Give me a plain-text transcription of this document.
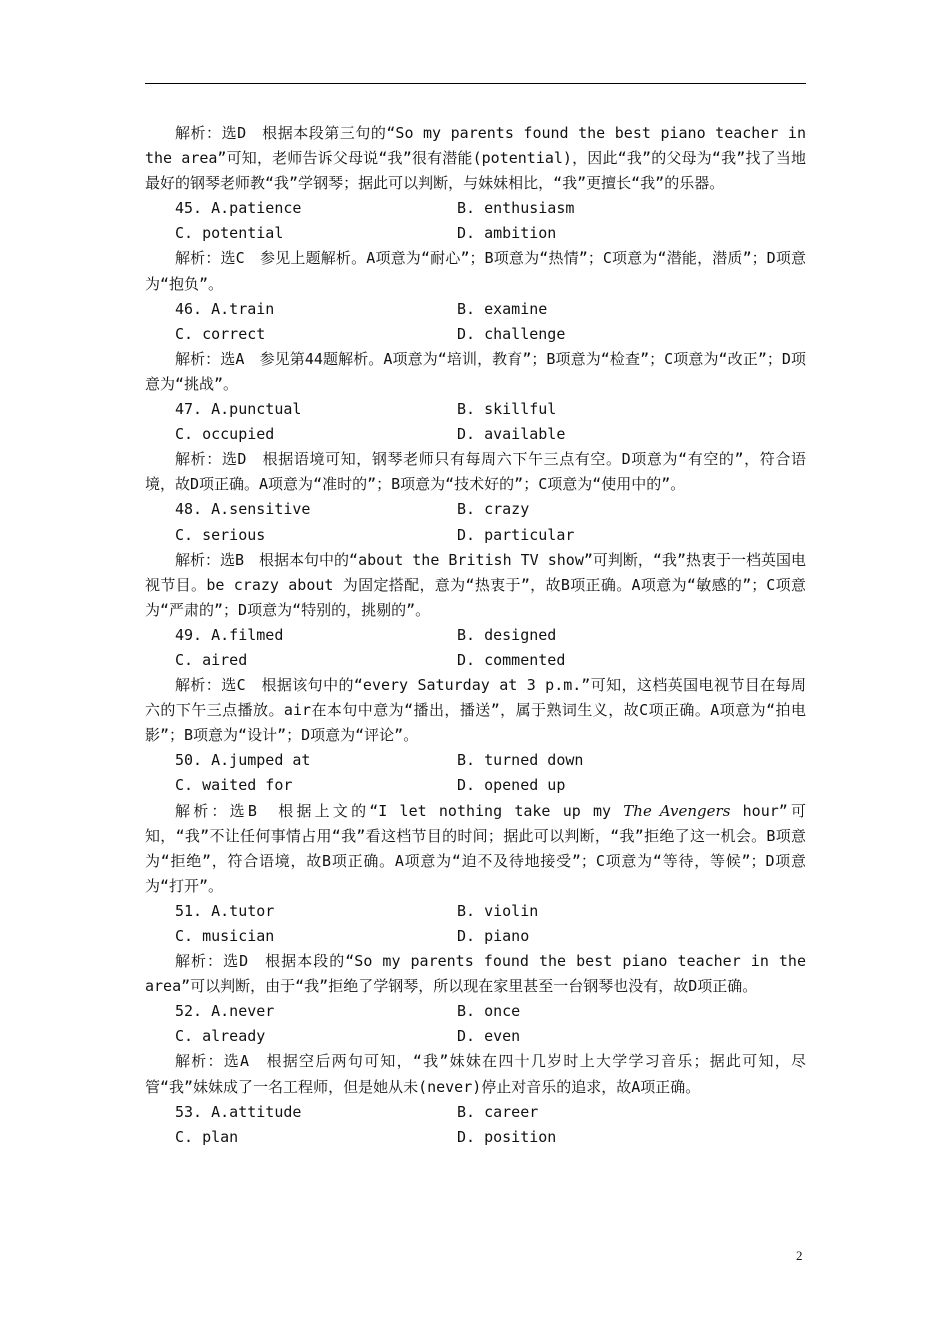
解析：选D　根据本段第三句的“So my parents found the best piano teacher in the area”可知，老师告诉父母说“我”很有潜能(potential)，因此“我”的父母为“我”找了当地最好的钢琴老师教“我”学钢琴；据此可以判断，与妹妹相比，“我”更擅长“我”的乐器。

45. A.patience	B. enthusiasm
C. potential	D. ambition

解析：选C　参见上题解析。A项意为“耐心”；B项意为“热情”；C项意为“潜能，潜质”；D项意为“抱负”。

46. A.train	B. examine
C. correct	D. challenge

解析：选A　参见第44题解析。A项意为“培训，教育”；B项意为“检查”；C项意为“改正”；D项意为“挑战”。

47. A.punctual	B. skillful
C. occupied	D. available

解析：选D　根据语境可知，钢琴老师只有每周六下午三点有空。D项意为“有空的”，符合语境，故D项正确。A项意为“准时的”；B项意为“技术好的”；C项意为“使用中的”。

48. A.sensitive	B. crazy
C. serious	D. particular

解析：选B　根据本句中的“about the British TV show”可判断，“我”热衷于一档英国电视节目。be crazy about 为固定搭配，意为“热衷于”，故B项正确。A项意为“敏感的”；C项意为“严肃的”；D项意为“特别的，挑剔的”。

49. A.filmed	B. designed
C. aired	D. commented

解析：选C　根据该句中的“every Saturday at 3 p.m.”可知，这档英国电视节目在每周六的下午三点播放。air在本句中意为“播出，播送”，属于熟词生义，故C项正确。A项意为“拍电影”；B项意为“设计”；D项意为“评论”。

50. A.jumped at	B. turned down
C. waited for	D. opened up

解析：选B　根据上文的“I let nothing take up my The Avengers hour”可知，“我”不让任何事情占用“我”看这档节目的时间；据此可以判断，“我”拒绝了这一机会。B项意为“拒绝”，符合语境，故B项正确。A项意为“迫不及待地接受”；C项意为“等待，等候”；D项意为“打开”。

51. A.tutor	B. violin
C. musician	D. piano

解析：选D　根据本段的“So my parents found the best piano teacher in the area”可以判断，由于“我”拒绝了学钢琴，所以现在家里甚至一台钢琴也没有，故D项正确。

52. A.never	B. once
C. already	D. even

解析：选A　根据空后两句可知，“我”妹妹在四十几岁时上大学学习音乐；据此可知，尽管“我”妹妹成了一名工程师，但是她从未(never)停止对音乐的追求，故A项正确。

53. A.attitude	B. career
C. plan	D. position
2
